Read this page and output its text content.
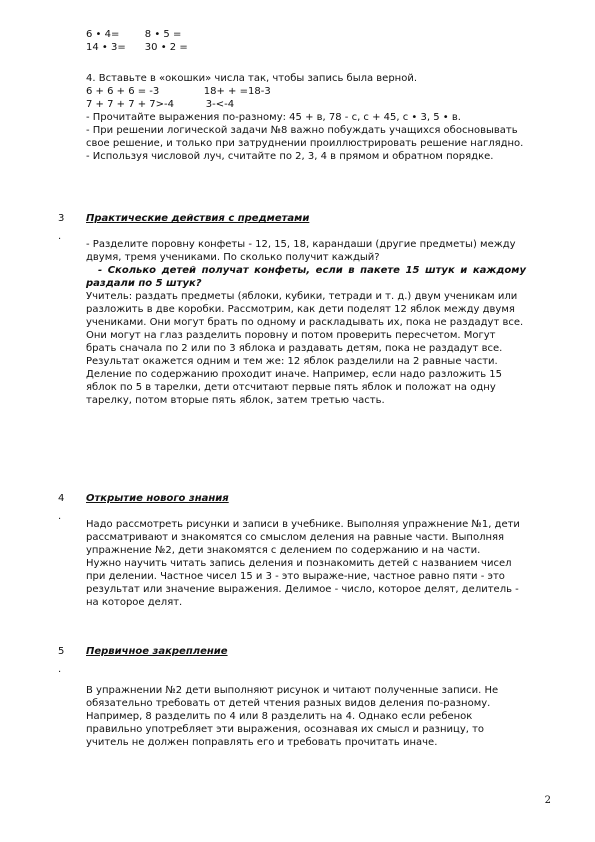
6 • 4=        8 • 5 =
14 • 3=      30 • 2 =
4. Вставьте в «окошки» числа так, чтобы запись была верной.
6 + 6 + 6 = -3              18+ + =18-3
7 + 7 + 7 + 7>-4          3-<-4
- Прочитайте выражения по-разному: 45 + в, 78 - с, с + 45, с • 3, 5 • в.
- При решении логической задачи №8 важно побуждать учащихся обосновывать свое решение, и только при затруднении проиллюстрировать решение наглядно.
- Используя числовой луч, считайте по 2, 3, 4 в прямом и обратном порядке.
3
.
Практические действия с предметами
- Разделите поровну конфеты - 12, 15, 18, карандаши (другие предметы) между двумя, тремя учениками. По сколько получит каждый?
- Сколько детей получат конфеты, если в пакете 15 штук и каждому раздали по 5 штук?
Учитель: раздать предметы (яблоки, кубики, тетради и т. д.) двум ученикам или разложить в две коробки. Рассмотрим, как дети поделят 12 яблок между двумя учениками. Они могут брать по одному и раскладывать их, пока не раздадут все. Они могут на глаз разделить поровну и потом проверить пересчетом. Могут брать сначала по 2 или по 3 яблока и раздавать детям, пока не раздадут все. Результат окажется одним и тем же: 12 яблок разделили на 2 равные части.
Деление по содержанию проходит иначе. Например, если надо разложить 15 яблок по 5 в тарелки, дети отсчитают первые пять яблок и положат на одну тарелку, потом вторые пять яблок, затем третью часть.
4
.
Открытие нового знания
Надо рассмотреть рисунки и записи в учебнике. Выполняя упражнение №1, дети рассматривают и знакомятся со смыслом деления на равные части. Выполняя упражнение №2, дети знакомятся с делением по содержанию и на части.
Нужно научить читать запись деления и познакомить детей с названием чисел при делении. Частное чисел 15 и 3 - это выраже-ние, частное равно пяти - это результат или значение выражения. Делимое - число, которое делят, делитель - на которое делят.
5
.
Первичное закрепление
В упражнении №2 дети выполняют рисунок и читают полученные записи. Не обязательно требовать от детей чтения разных видов деления по-разному. Например, 8 разделить по 4 или 8 разделить на 4. Однако если ребенок правильно употребляет эти выражения, осознавая их смысл и разницу, то учитель не должен поправлять его и требовать прочитать иначе.
2
